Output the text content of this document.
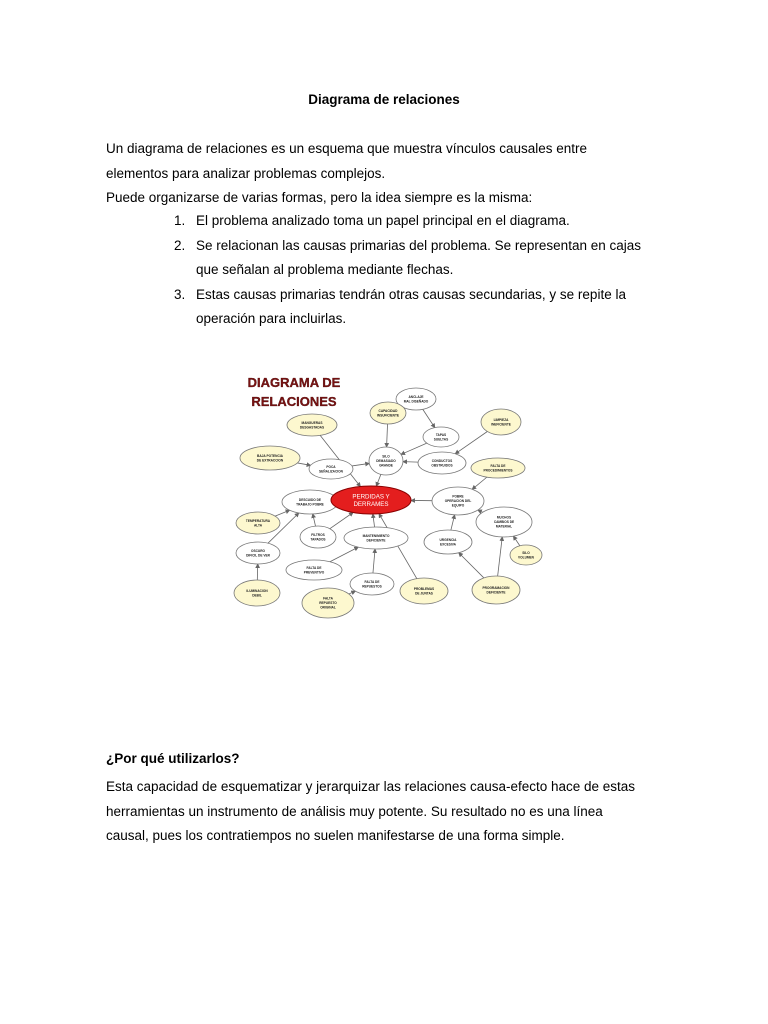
Diagrama de relaciones
Un diagrama de relaciones es un esquema que muestra vínculos causales entre
elementos para analizar problemas complejos.
Puede organizarse de varias formas, pero la idea siempre es la misma:
1. El problema analizado toma un papel principal en el diagrama.
2. Se relacionan las causas primarias del problema. Se representan en cajas
que señalan al problema mediante flechas.
3. Estas causas primarias tendrán otras causas secundarias, y se repite la
operación para incluirlas.
DIAGRAMA DE
RELACIONES	ANCLAJE
MAL DISEÑADO
CAPACIDAD
INSUFICIENTE
LIMPIEZA
INEFICIENTE
MANGUERAS
DESGASTADAS
TAPAS
SUELTAS
BAJA POTENCIA
DE EXTRACCION
SILO
DEMASIADO
GRANDE
CONDUCTOS
OBSTRUIDOS
POCA
SEÑALIZACION
FALTA DE
PROCEDIMIENTOS
DESCUIDO DE
TRABAJO POBRE
POBRE
OPERACION DEL
EQUIPO
TEMPERATURA
ALTA
FILTROS
TAPADOS
MUCHOS
CAMBIOS DE
MATERIAL
MANTENIMIENTO
DEFICIENTE	URGENCIA
EXCESIVA
OSCURO
DIFICIL DE VER
SILO
VOLUMEN
FALTA DE
PREVENTIVO
FALTA DE
REPUESTOS
PROBLEMAS
DE JUNTAS
PROGRAMACION
DEFICIENTE
ILUMINACION
DEBIL
FALTA
REPUESTO
ORIGINAL
PERDIDAS Y
DERRAMES
¿Por qué utilizarlos?
Esta capacidad de esquematizar y jerarquizar las relaciones causa-efecto hace de estas
herramientas un instrumento de análisis muy potente. Su resultado no es una línea
causal, pues los contratiempos no suelen manifestarse de una forma simple.
